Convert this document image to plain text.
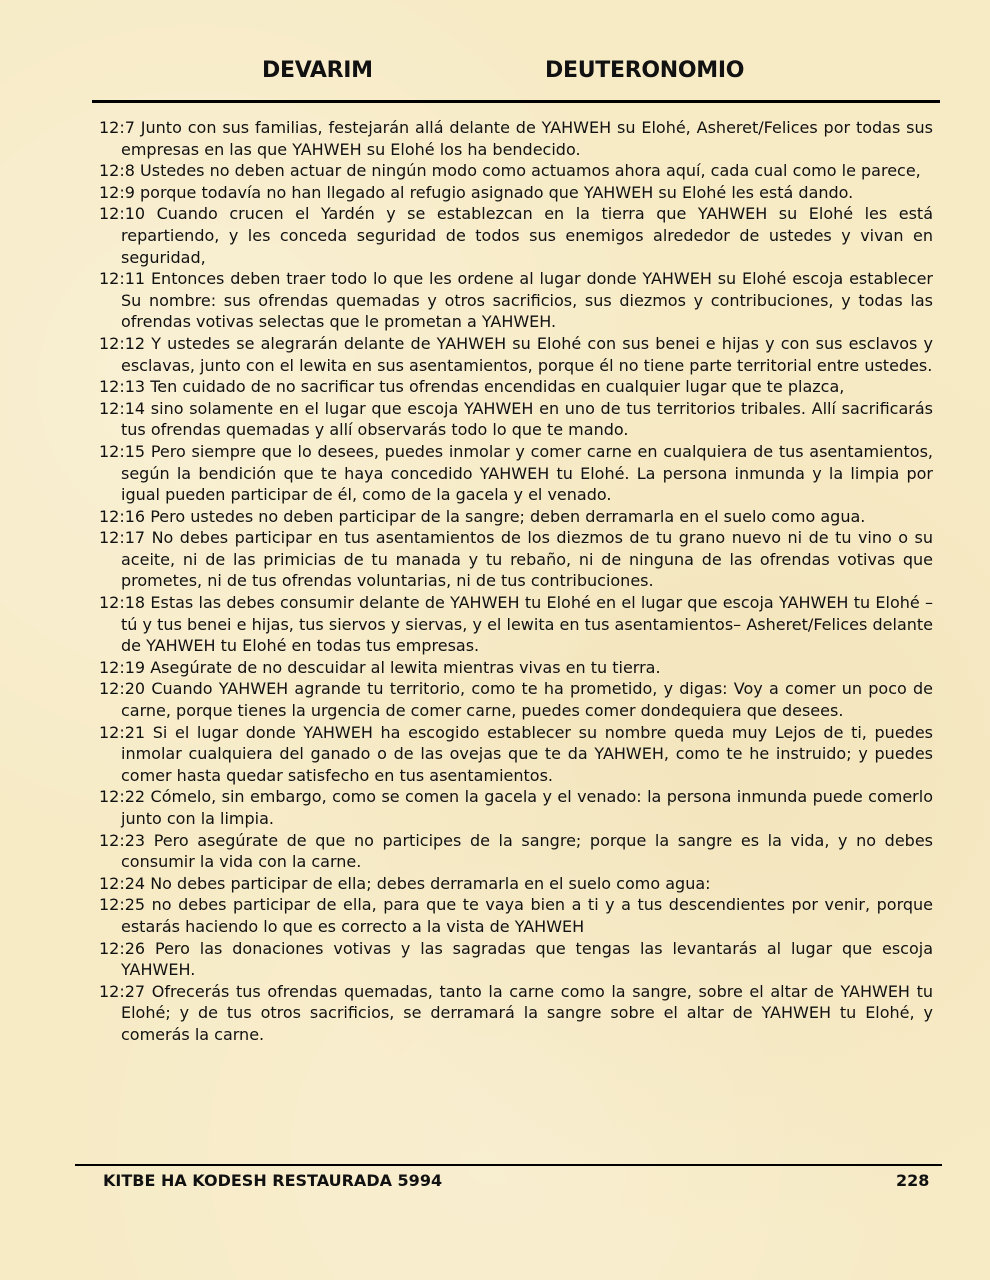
DEVARIM	DEUTERONOMIO

12:7 Junto con sus familias, festejarán allá delante de YAHWEH su Elohé, Asheret/Felices por todas sus empresas en las que YAHWEH su Elohé los ha bendecido.

12:8 Ustedes no deben actuar de ningún modo como actuamos ahora aquí, cada cual como le parece,

12:9 porque todavía no han llegado al refugio asignado que YAHWEH su Elohé les está dando.

12:10 Cuando crucen el Yardén y se establezcan en la tierra que YAHWEH su Elohé les está repartiendo, y les conceda seguridad de todos sus enemigos alrededor de ustedes y vivan en seguridad,

12:11 Entonces deben traer todo lo que les ordene al lugar donde YAHWEH su Elohé escoja establecer Su nombre: sus ofrendas quemadas y otros sacrificios, sus diezmos y contribuciones, y todas las ofrendas votivas selectas que le prometan a YAHWEH.

12:12 Y ustedes se alegrarán delante de YAHWEH su Elohé con sus benei e hijas y con sus esclavos y esclavas, junto con el lewita en sus asentamientos, porque él no tiene parte territorial entre ustedes.

12:13 Ten cuidado de no sacrificar tus ofrendas encendidas en cualquier lugar que te plazca,

12:14 sino solamente en el lugar que escoja YAHWEH en uno de tus territorios tribales. Allí sacrificarás tus ofrendas quemadas y allí observarás todo lo que te mando.

12:15 Pero siempre que lo desees, puedes inmolar y comer carne en cualquiera de tus asentamientos, según la bendición que te haya concedido YAHWEH tu Elohé. La persona inmunda y la limpia por igual pueden participar de él, como de la gacela y el venado.

12:16 Pero ustedes no deben participar de la sangre; deben derramarla en el suelo como agua.

12:17 No debes participar en tus asentamientos de los diezmos de tu grano nuevo ni de tu vino o su aceite, ni de las primicias de tu manada y tu rebaño, ni de ninguna de las ofrendas votivas que prometes, ni de tus ofrendas voluntarias, ni de tus contribuciones.

12:18 Estas las debes consumir delante de YAHWEH tu Elohé en el lugar que escoja YAHWEH tu Elohé –tú y tus benei e hijas, tus siervos y siervas, y el lewita en tus asentamientos– Asheret/Felices delante de YAHWEH tu Elohé en todas tus empresas.

12:19 Asegúrate de no descuidar al lewita mientras vivas en tu tierra.

12:20 Cuando YAHWEH agrande tu territorio, como te ha prometido, y digas: Voy a comer un poco de carne, porque tienes la urgencia de comer carne, puedes comer dondequiera que desees.

12:21 Si el lugar donde YAHWEH ha escogido establecer su nombre queda muy Lejos de ti, puedes inmolar cualquiera del ganado o de las ovejas que te da YAHWEH, como te he instruido; y puedes comer hasta quedar satisfecho en tus asentamientos.

12:22 Cómelo, sin embargo, como se comen la gacela y el venado: la persona inmunda puede comerlo junto con la limpia.

12:23 Pero asegúrate de que no participes de la sangre; porque la sangre es la vida, y no debes consumir la vida con la carne.

12:24 No debes participar de ella; debes derramarla en el suelo como agua:

12:25 no debes participar de ella, para que te vaya bien a ti y a tus descendientes por venir, porque estarás haciendo lo que es correcto a la vista de YAHWEH

12:26 Pero las donaciones votivas y las sagradas que tengas las levantarás al lugar que escoja YAHWEH.

12:27 Ofrecerás tus ofrendas quemadas, tanto la carne como la sangre, sobre el altar de YAHWEH tu Elohé; y de tus otros sacrificios, se derramará la sangre sobre el altar de YAHWEH tu Elohé, y comerás la carne.

KITBE HA KODESH RESTAURADA 5994	228
